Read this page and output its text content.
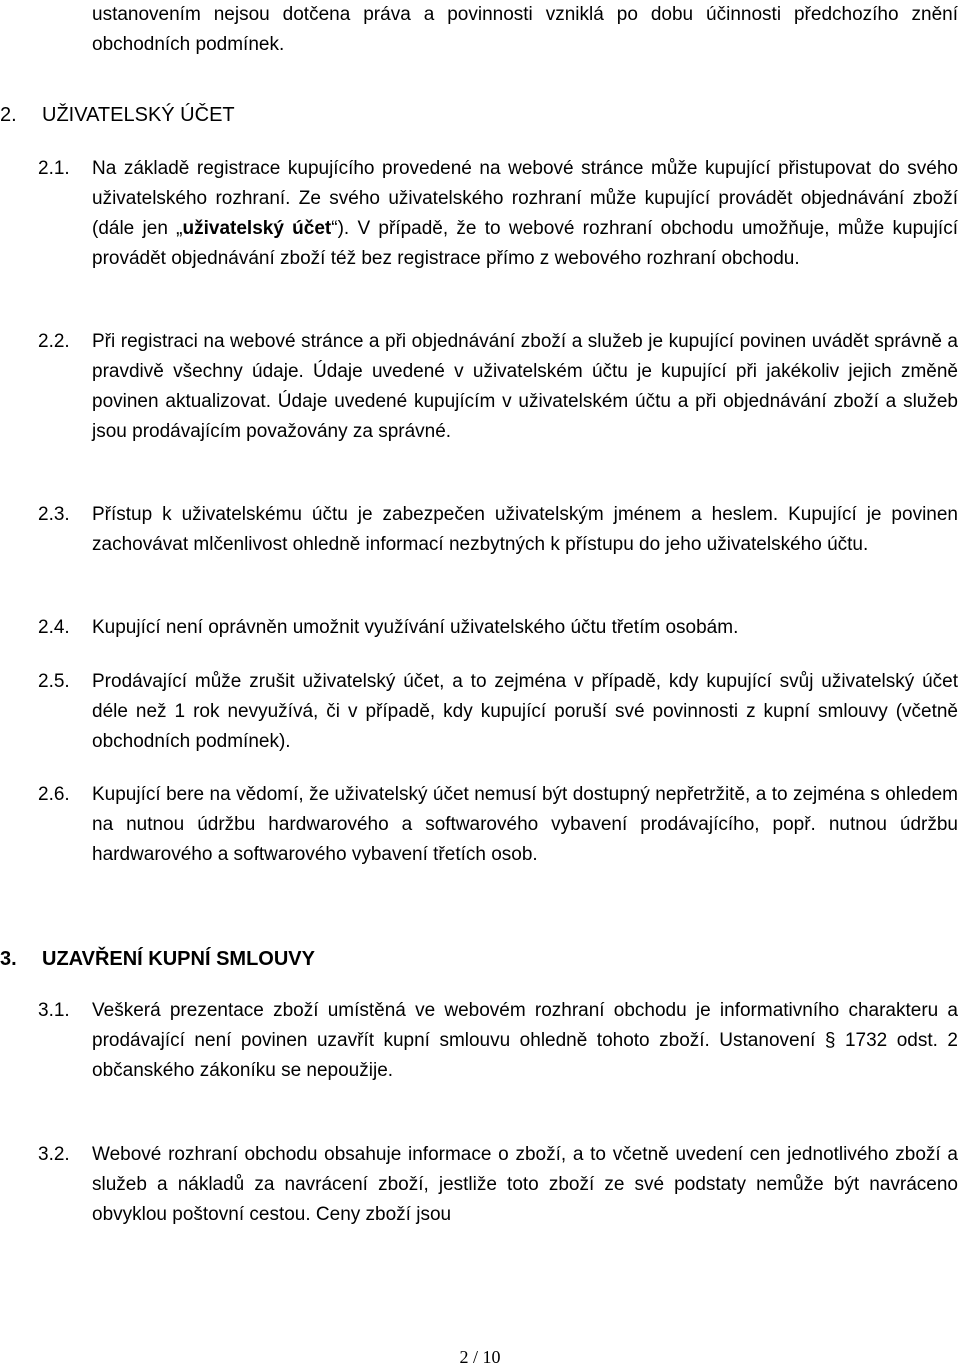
ustanovením nejsou dotčena práva a povinnosti vzniklá po dobu účinnosti předchozího znění obchodních podmínek.
2. UŽIVATELSKÝ ÚČET
2.1.	Na základě registrace kupujícího provedené na webové stránce může kupující přistupovat do svého uživatelského rozhraní. Ze svého uživatelského rozhraní může kupující provádět objednávání zboží (dále jen „uživatelský účet“). V případě, že to webové rozhraní obchodu umožňuje, může kupující provádět objednávání zboží též bez registrace přímo z webového rozhraní obchodu.
2.2.	Při registraci na webové stránce a při objednávání zboží a služeb je kupující povinen uvádět správně a pravdivě všechny údaje. Údaje uvedené v uživatelském účtu je kupující při jakékoliv jejich změně povinen aktualizovat. Údaje uvedené kupujícím v uživatelském účtu a při objednávání zboží a služeb jsou prodávajícím považovány za správné.
2.3.	Přístup k uživatelskému účtu je zabezpečen uživatelským jménem a heslem. Kupující je povinen zachovávat mlčenlivost ohledně informací nezbytných k přístupu do jeho uživatelského účtu.
2.4.	Kupující není oprávněn umožnit využívání uživatelského účtu třetím osobám.
2.5.	Prodávající může zrušit uživatelský účet, a to zejména v případě, kdy kupující svůj uživatelský účet déle než 1 rok nevyužívá, či v případě, kdy kupující poruší své povinnosti z kupní smlouvy (včetně obchodních podmínek).
2.6.	Kupující bere na vědomí, že uživatelský účet nemusí být dostupný nepřetržitě, a to zejména s ohledem na nutnou údržbu hardwarového a softwarového vybavení prodávajícího, popř. nutnou údržbu hardwarového a softwarového vybavení třetích osob.
3. UZAVŘENÍ KUPNÍ SMLOUVY
3.1.	Veškerá prezentace zboží umístěná ve webovém rozhraní obchodu je informativního charakteru a prodávající není povinen uzavřít kupní smlouvu ohledně tohoto zboží. Ustanovení § 1732 odst. 2 občanského zákoníku se nepoužije.
3.2.	Webové rozhraní obchodu obsahuje informace o zboží, a to včetně uvedení cen jednotlivého zboží a služeb a nákladů za navrácení zboží, jestliže toto zboží ze své podstaty nemůže být navráceno obvyklou poštovní cestou. Ceny zboží jsou
2 / 10
